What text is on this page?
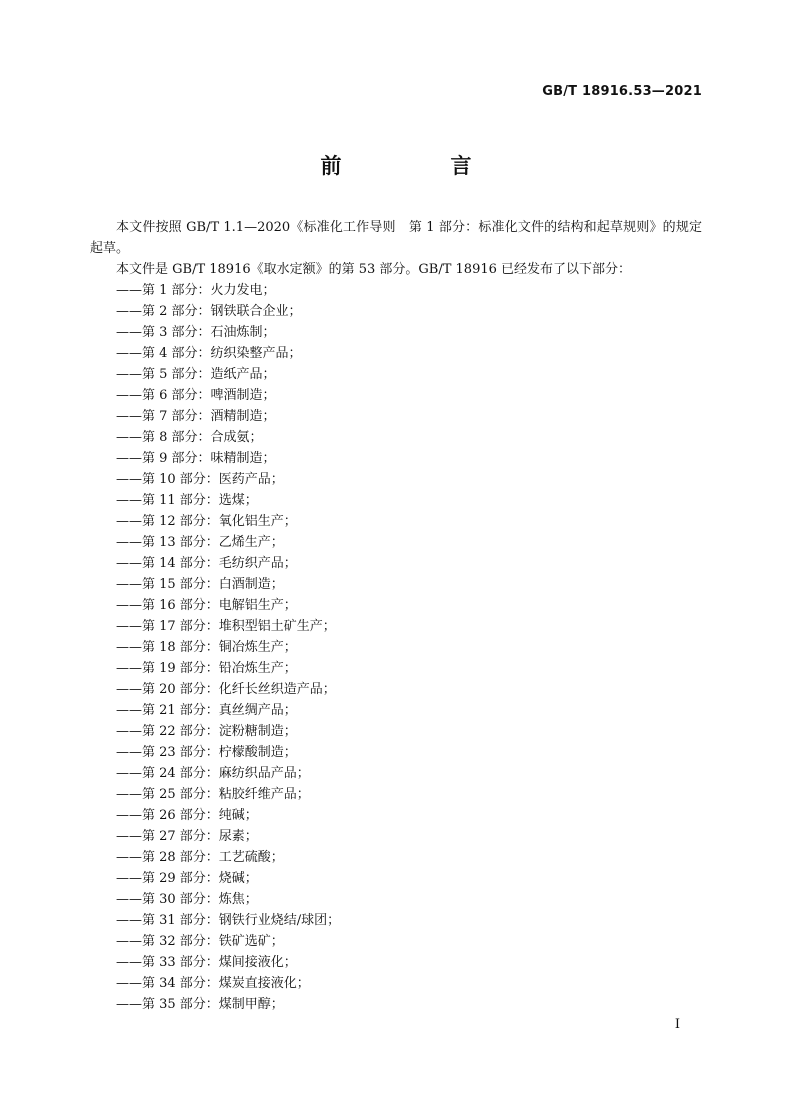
GB/T 18916.53—2021
前　言

本文件按照 GB/T 1.1—2020《标准化工作导则　第 1 部分：标准化文件的结构和起草规则》的规定起草。

本文件是 GB/T 18916《取水定额》的第 53 部分。GB/T 18916 已经发布了以下部分：

——第 1 部分：火力发电；
——第 2 部分：钢铁联合企业；
——第 3 部分：石油炼制；
——第 4 部分：纺织染整产品；
——第 5 部分：造纸产品；
——第 6 部分：啤酒制造；
——第 7 部分：酒精制造；
——第 8 部分：合成氨；
——第 9 部分：味精制造；
——第 10 部分：医药产品；
——第 11 部分：选煤；
——第 12 部分：氧化铝生产；
——第 13 部分：乙烯生产；
——第 14 部分：毛纺织产品；
——第 15 部分：白酒制造；
——第 16 部分：电解铝生产；
——第 17 部分：堆积型铝土矿生产；
——第 18 部分：铜冶炼生产；
——第 19 部分：铅冶炼生产；
——第 20 部分：化纤长丝织造产品；
——第 21 部分：真丝绸产品；
——第 22 部分：淀粉糖制造；
——第 23 部分：柠檬酸制造；
——第 24 部分：麻纺织品产品；
——第 25 部分：粘胶纤维产品；
——第 26 部分：纯碱；
——第 27 部分：尿素；
——第 28 部分：工艺硫酸；
——第 29 部分：烧碱；
——第 30 部分：炼焦；
——第 31 部分：钢铁行业烧结/球团；
——第 32 部分：铁矿选矿；
——第 33 部分：煤间接液化；
——第 34 部分：煤炭直接液化；
——第 35 部分：煤制甲醇；
I
